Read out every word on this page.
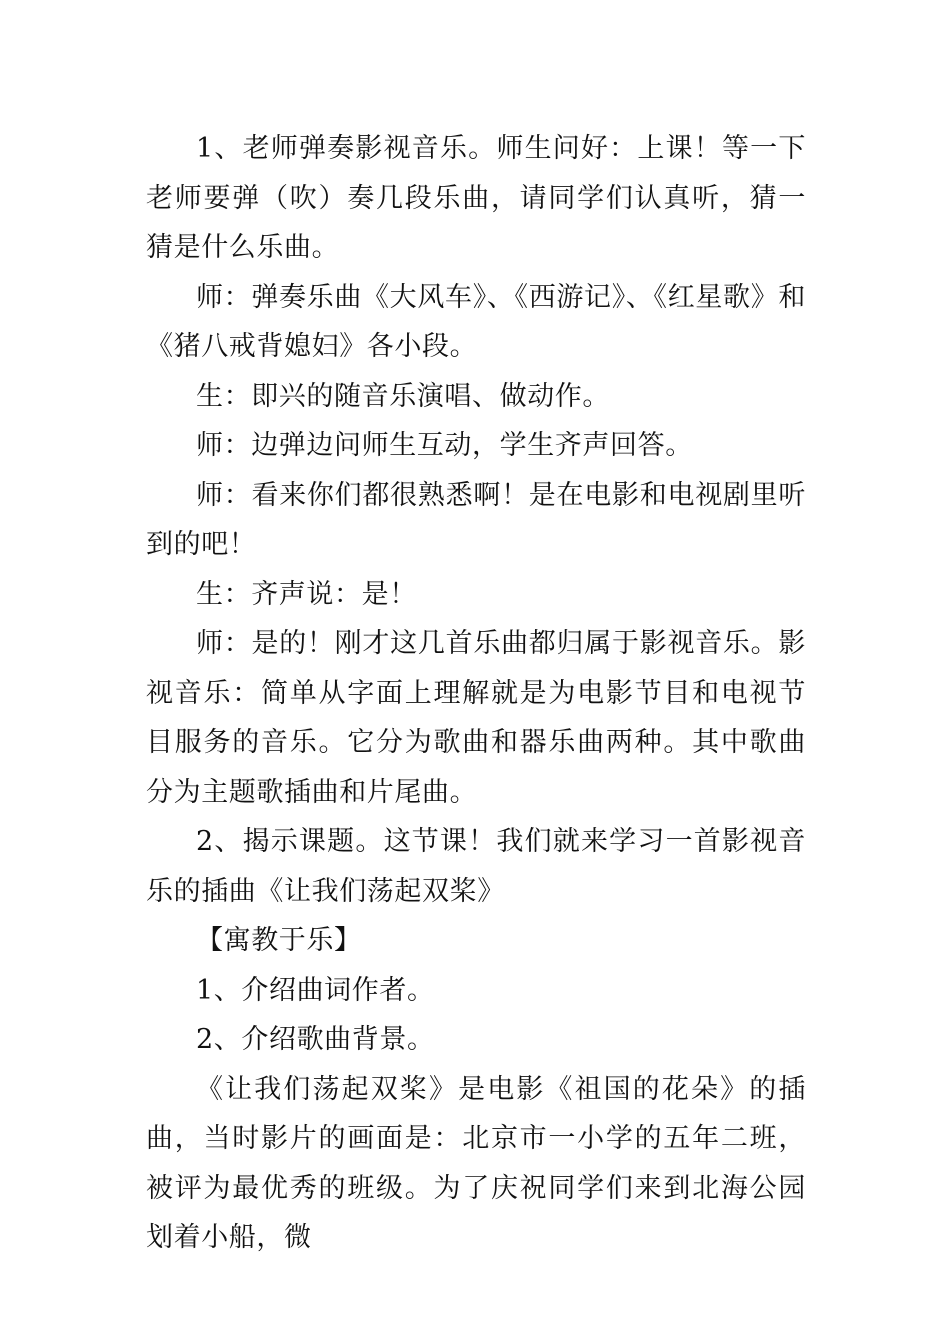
1、老师弹奏影视音乐。师生问好：上课！等一下老师要弹（吹）奏几段乐曲，请同学们认真听，猜一猜是什么乐曲。

师：弹奏乐曲《大风车》、《西游记》、《红星歌》和《猪八戒背媳妇》各小段。

生：即兴的随音乐演唱、做动作。

师：边弹边问师生互动，学生齐声回答。

师：看来你们都很熟悉啊！是在电影和电视剧里听到的吧！

生：齐声说：是！

师：是的！刚才这几首乐曲都归属于影视音乐。影视音乐：简单从字面上理解就是为电影节目和电视节目服务的音乐。它分为歌曲和器乐曲两种。其中歌曲分为主题歌插曲和片尾曲。

2、揭示课题。这节课！我们就来学习一首影视音乐的插曲《让我们荡起双桨》

【寓教于乐】

1、介绍曲词作者。

2、介绍歌曲背景。

《让我们荡起双桨》是电影《祖国的花朵》的插曲，当时影片的画面是：北京市一小学的五年二班，被评为最优秀的班级。为了庆祝同学们来到北海公园划着小船，微
